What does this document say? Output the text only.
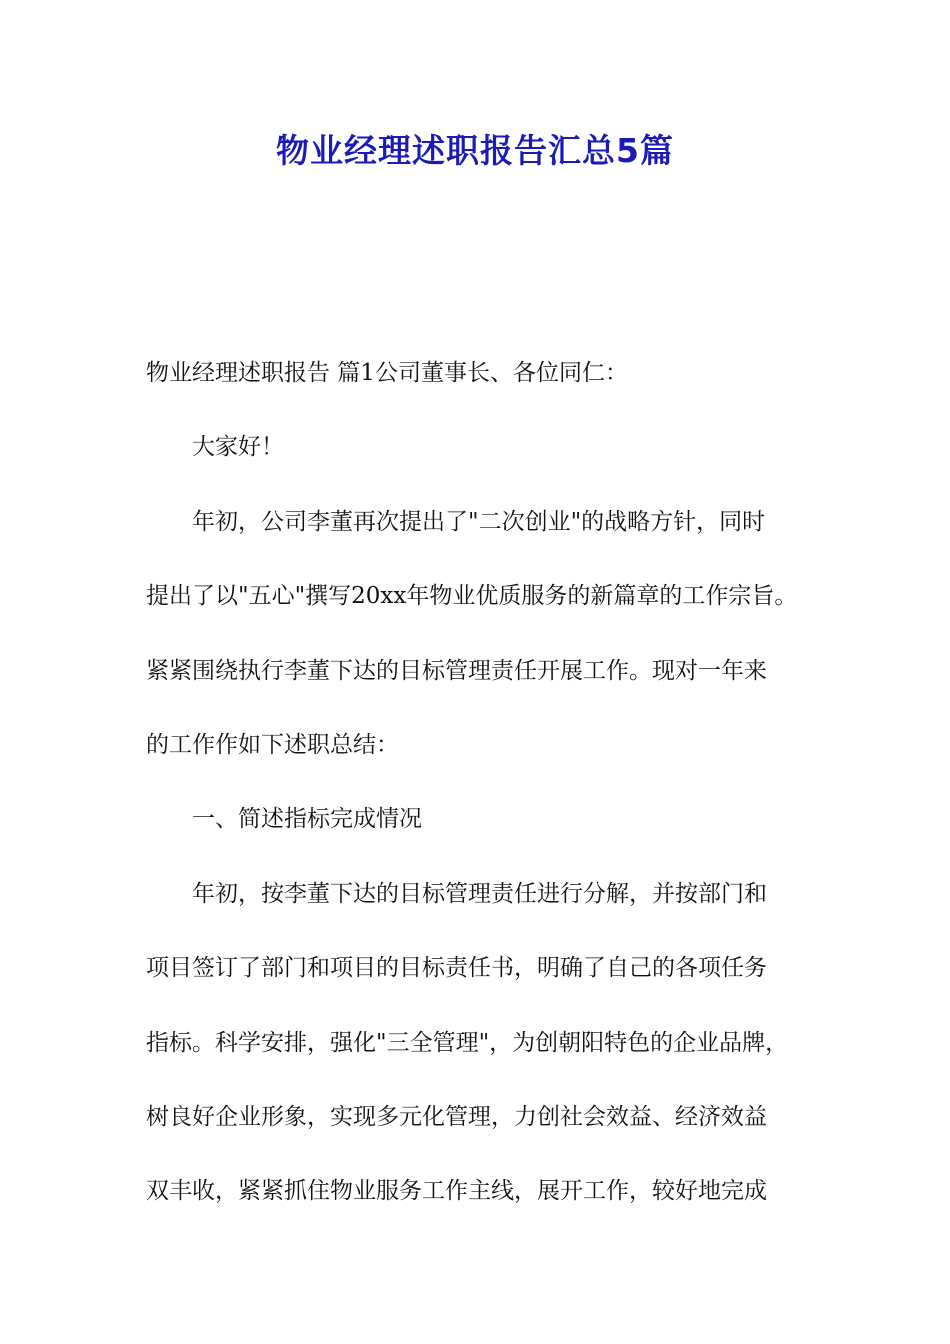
物业经理述职报告汇总5篇

物业经理述职报告 篇1公司董事长、各位同仁：

大家好！

年初，公司李董再次提出了"二次创业"的战略方针，同时

提出了以"五心"撰写20xx年物业优质服务的新篇章的工作宗旨。

紧紧围绕执行李董下达的目标管理责任开展工作。现对一年来

的工作作如下述职总结：

一、简述指标完成情况

年初，按李董下达的目标管理责任进行分解，并按部门和

项目签订了部门和项目的目标责任书，明确了自己的各项任务

指标。科学安排，强化"三全管理"，为创朝阳特色的企业品牌，

树良好企业形象，实现多元化管理，力创社会效益、经济效益

双丰收，紧紧抓住物业服务工作主线，展开工作，较好地完成
